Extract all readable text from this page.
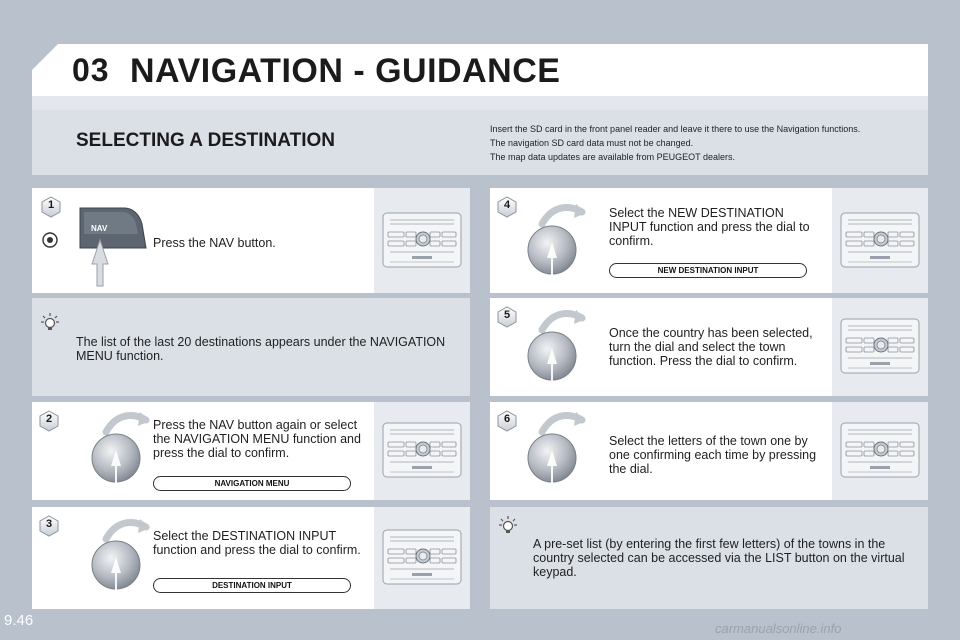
03 NAVIGATION - GUIDANCE
SELECTING A DESTINATION
Insert the SD card in the front panel reader and leave it there to use the Navigation functions.
The navigation SD card data must not be changed.
The map data updates are available from PEUGEOT dealers.
1
NAV
Press the NAV button.
The list of the last 20 destinations appears under the NAVIGATION MENU function.
2	Press the NAV button again or select the NAVIGATION MENU function and press the dial to confirm.
NAVIGATION MENU
3
Select the DESTINATION INPUT function and press the dial to confirm.
DESTINATION INPUT
4
Select the NEW DESTINATION INPUT function and press the dial to confirm.
NEW DESTINATION INPUT
5
Once the country has been selected, turn the dial and select the town function. Press the dial to confirm.
6
Select the letters of the town one by one confirming each time by pressing the dial.
A pre-set list (by entering the first few letters) of the towns in the country selected can be accessed via the LIST button on the virtual keypad.
9.46	carmanualsonline.info
